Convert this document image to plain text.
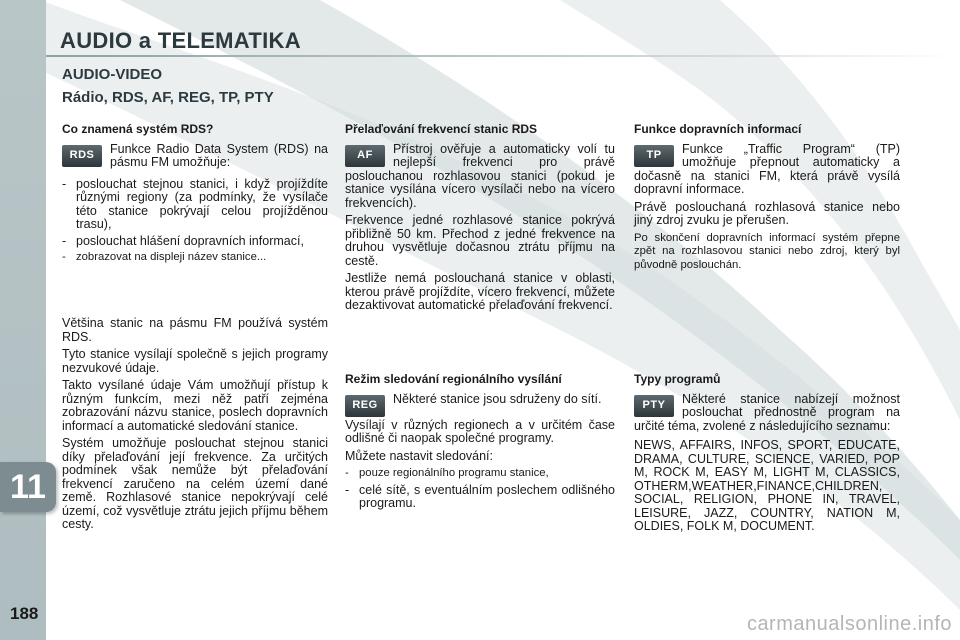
11
188
AUDIO a TELEMATIKA
AUDIO-VIDEO
Rádio, RDS, AF, REG, TP, PTY
Co znamená systém RDS?
RDS	Funkce Radio Data System (RDS) na pásmu FM umožňuje:

- poslouchat stejnou stanici, i když projíždíte různými regiony (za podmínky, že vysílače této stanice pokrývají celou projížděnou trasu),
- poslouchat hlášení dopravních informací,
- zobrazovat na displeji název stanice...

Většina stanic na pásmu FM používá systém RDS.

Tyto stanice vysílají společně s jejich programy nezvukové údaje.

Takto vysílané údaje Vám umožňují přístup k různým funkcím, mezi něž patří zejména zobrazování názvu stanice, poslech dopravních informací a automatické sledování stanice.

Systém umožňuje poslouchat stejnou stanici díky přelaďování její frekvence. Za určitých podmínek však nemůže být přelaďování frekvencí zaručeno na celém území dané země. Rozhlasové stanice nepokrývají celé území, což vysvětluje ztrátu jejich příjmu během cesty.

Přelaďování frekvencí stanic RDS
AF	Přístroj ověřuje a automaticky volí tu nejlepší frekvenci pro právě poslouchanou rozhlasovou stanici (pokud je stanice vysílána vícero vysílači nebo na vícero frekvencích).

Frekvence jedné rozhlasové stanice pokrývá přibližně 50 km. Přechod z jedné frekvence na druhou vysvětluje dočasnou ztrátu příjmu na cestě.

Jestliže nemá poslouchaná stanice v oblasti, kterou právě projíždíte, vícero frekvencí, můžete dezaktivovat automatické přelaďování frekvencí.

Režim sledování regionálního vysílání
REG	Některé stanice jsou sdruženy do sítí.

Vysílají v různých regionech a v určitém čase odlišné či naopak společné programy.

Můžete nastavit sledování:

- pouze regionálního programu stanice,
- celé sítě, s eventuálním poslechem odlišného programu.
Funkce dopravních informací
TP	Funkce „Traffic Program“ (TP) umožňuje přepnout automaticky a dočasně na stanici FM, která právě vysílá dopravní informace.

Právě poslouchaná rozhlasová stanice nebo jiný zdroj zvuku je přerušen.

Po skončení dopravních informací systém přepne zpět na rozhlasovou stanici nebo zdroj, který byl původně poslouchán.

Typy programů
PTY	Některé stanice nabízejí možnost poslouchat přednostně program na určité téma, zvolené z následujícího seznamu:

NEWS, AFFAIRS, INFOS, SPORT, EDUCATE, DRAMA, CULTURE, SCIENCE, VARIED, POP M, ROCK M, EASY M, LIGHT M, CLASSICS, OTHERM,WEATHER,FINANCE,CHILDREN, SOCIAL, RELIGION, PHONE IN, TRAVEL, LEISURE, JAZZ, COUNTRY, NATION M, OLDIES, FOLK M, DOCUMENT.

carmanualsonline.info
